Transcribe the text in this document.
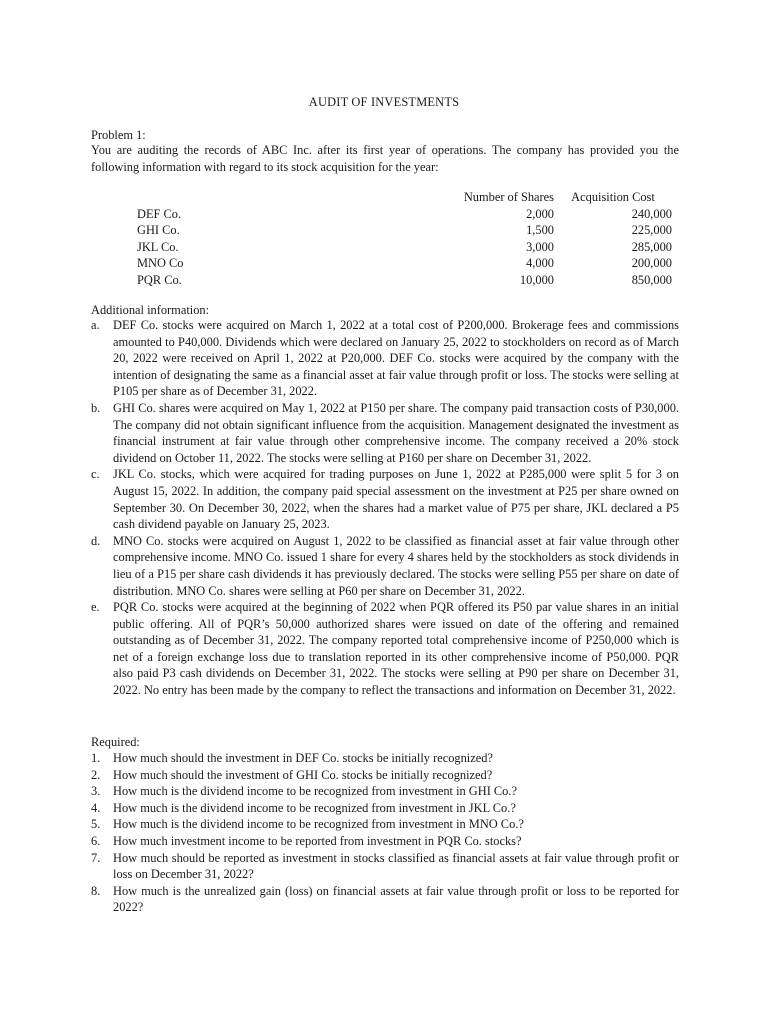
AUDIT OF INVESTMENTS
Problem 1:
You are auditing the records of ABC Inc. after its first year of operations. The company has provided you the following information with regard to its stock acquisition for the year:
	Number of Shares	Acquisition Cost
DEF Co.	2,000	240,000
GHI Co.	1,500	225,000
JKL Co.	3,000	285,000
MNO Co	4,000	200,000
PQR Co.	10,000	850,000
Additional information:
a. DEF Co. stocks were acquired on March 1, 2022 at a total cost of P200,000. Brokerage fees and commissions amounted to P40,000. Dividends which were declared on January 25, 2022 to stockholders on record as of March 20, 2022 were received on April 1, 2022 at P20,000. DEF Co. stocks were acquired by the company with the intention of designating the same as a financial asset at fair value through profit or loss. The stocks were selling at P105 per share as of December 31, 2022.
b. GHI Co. shares were acquired on May 1, 2022 at P150 per share. The company paid transaction costs of P30,000. The company did not obtain significant influence from the acquisition. Management designated the investment as financial instrument at fair value through other comprehensive income. The company received a 20% stock dividend on October 11, 2022. The stocks were selling at P160 per share on December 31, 2022.
c. JKL Co. stocks, which were acquired for trading purposes on June 1, 2022 at P285,000 were split 5 for 3 on August 15, 2022. In addition, the company paid special assessment on the investment at P25 per share owned on September 30. On December 30, 2022, when the shares had a market value of P75 per share, JKL declared a P5 cash dividend payable on January 25, 2023.
d. MNO Co. stocks were acquired on August 1, 2022 to be classified as financial asset at fair value through other comprehensive income. MNO Co. issued 1 share for every 4 shares held by the stockholders as stock dividends in lieu of a P15 per share cash dividends it has previously declared. The stocks were selling P55 per share on date of distribution. MNO Co. shares were selling at P60 per share on December 31, 2022.
e. PQR Co. stocks were acquired at the beginning of 2022 when PQR offered its P50 par value shares in an initial public offering. All of PQR’s 50,000 authorized shares were issued on date of the offering and remained outstanding as of December 31, 2022. The company reported total comprehensive income of P250,000 which is net of a foreign exchange loss due to translation reported in its other comprehensive income of P50,000. PQR also paid P3 cash dividends on December 31, 2022. The stocks were selling at P90 per share on December 31, 2022. No entry has been made by the company to reflect the transactions and information on December 31, 2022.
Required:
1. How much should the investment in DEF Co. stocks be initially recognized?
2. How much should the investment of GHI Co. stocks be initially recognized?
3. How much is the dividend income to be recognized from investment in GHI Co.?
4. How much is the dividend income to be recognized from investment in JKL Co.?
5. How much is the dividend income to be recognized from investment in MNO Co.?
6. How much investment income to be reported from investment in PQR Co. stocks?
7. How much should be reported as investment in stocks classified as financial assets at fair value through profit or loss on December 31, 2022?
8. How much is the unrealized gain (loss) on financial assets at fair value through profit or loss to be reported for 2022?
